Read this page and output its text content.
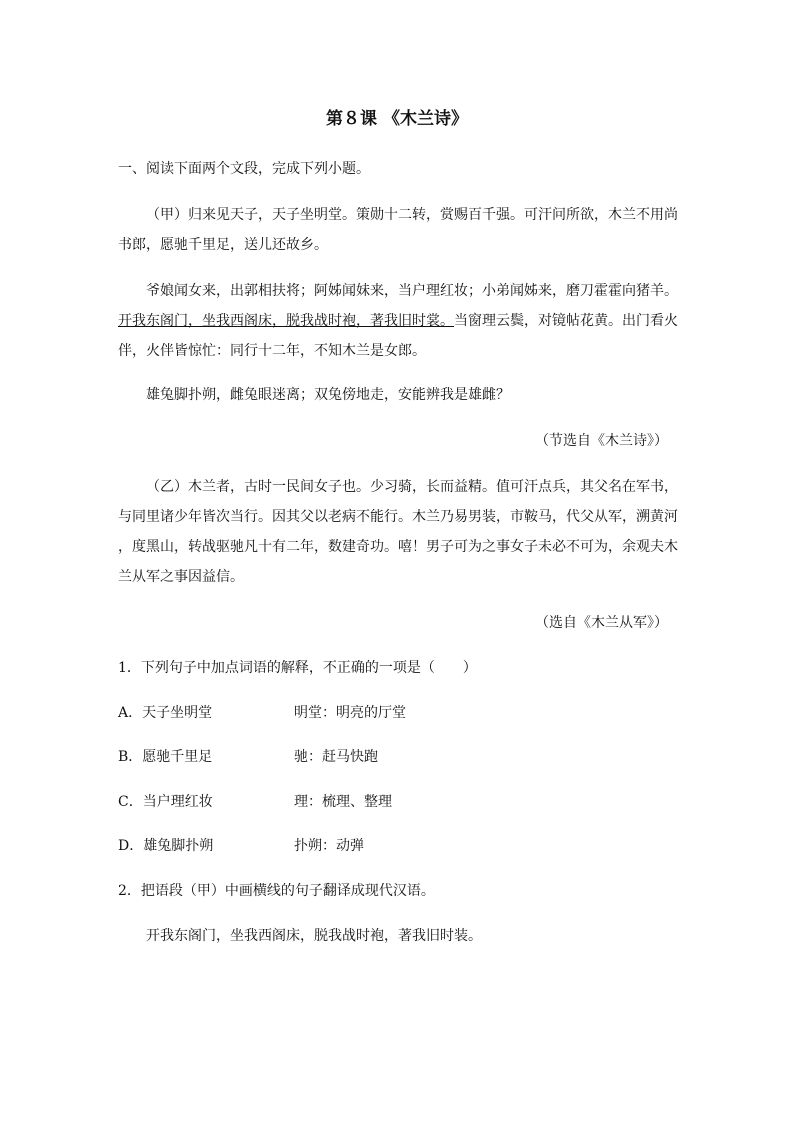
第８课 《木兰诗》
一、阅读下面两个文段，完成下列小题。
（甲）归来见天子，天子坐明堂。策勋十二转，赏赐百千强。可汗问所欲，木兰不用尚
书郎，愿驰千里足，送儿还故乡。
爷娘闻女来，出郭相扶将；阿姊闻妹来，当户理红妆；小弟闻姊来，磨刀霍霍向猪羊。
开我东阁门，坐我西阁床，脱我战时袍，著我旧时裳。当窗理云鬓，对镜帖花黄。出门看火
伴，火伴皆惊忙：同行十二年，不知木兰是女郎。
雄兔脚扑朔，雌兔眼迷离；双兔傍地走，安能辨我是雄雌？
（节选自《木兰诗》）
（乙）木兰者，古时一民间女子也。少习骑，长而益精。值可汗点兵，其父名在军书，
与同里诸少年皆次当行。因其父以老病不能行。木兰乃易男装，市鞍马，代父从军，溯黄河
，度黑山，转战驱驰凡十有二年，数建奇功。嘻！男子可为之事女子未必不可为，余观夫木
兰从军之事因益信。
（选自《木兰从军》）
1．下列句子中加点词语的解释，不正确的一项是（　　）
A．天子坐明堂	明堂：明亮的厅堂
B．愿驰千里足	驰：赶马快跑
C．当户理红妆	理：梳理、整理
D．雄兔脚扑朔	扑朔：动弹
2．把语段（甲）中画横线的句子翻译成现代汉语。
开我东阁门，坐我西阁床，脱我战时袍，著我旧时装。
